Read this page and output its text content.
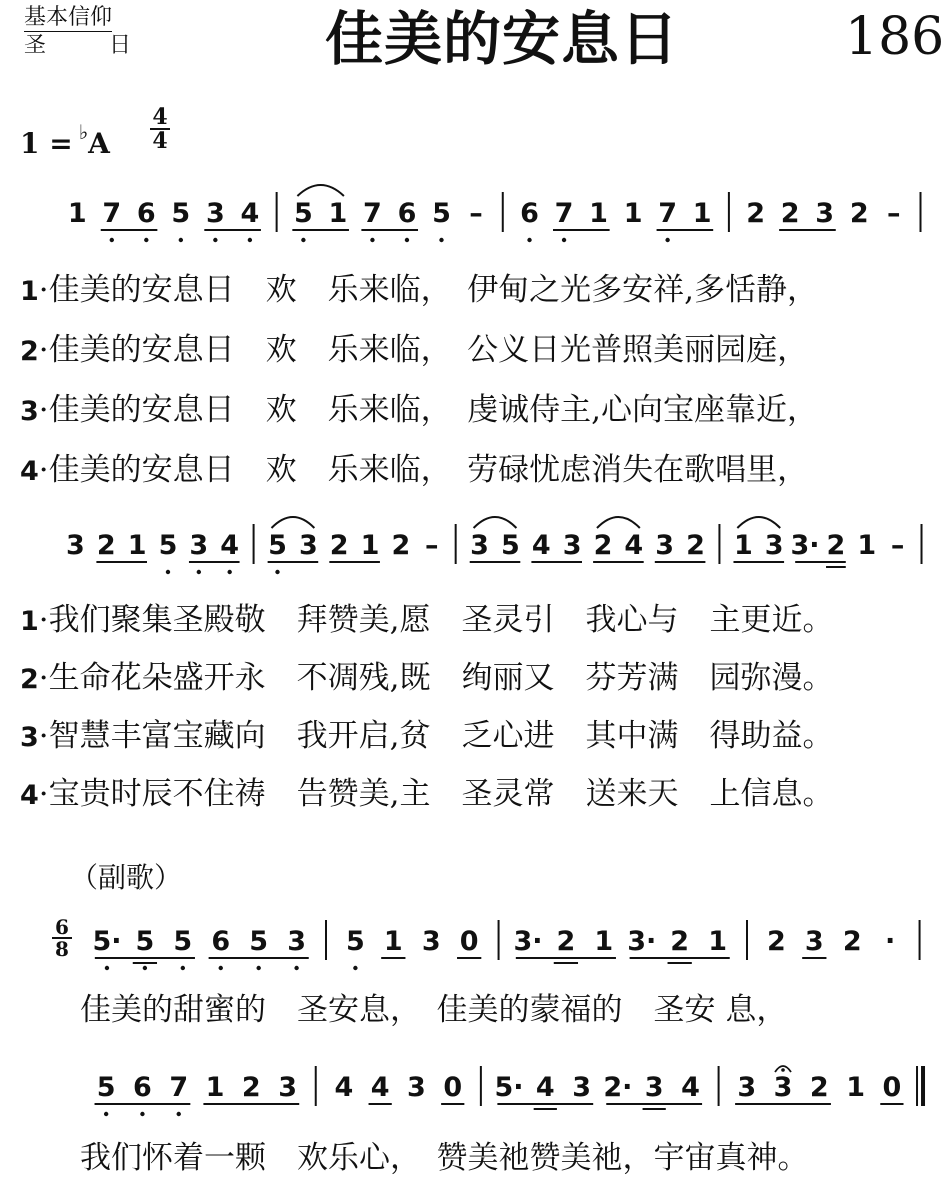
基本信仰
圣 日	佳美的安息日	186
1 = ♭A
4
4
1 7 6 5 3 4 5 1 7 6 5 – 6 7 1 1 7 1 2 2 3 2 –
3 2 1 5 3 4 5 3 2 1 2 – 3 5 4 3 2 4 3 2 1 3 3· 2 1 –
5· 5 5 6 5 3 5 1 3 0 3· 2 1 3· 2 1 2 3 2 ·
5 6 7 1 2 3 4 4 3 0 5· 4 3 2· 3 4 3 3 2 1 0
1·佳美的安息日　欢　乐来临，　伊甸之光多安祥,多恬静，
2·佳美的安息日　欢　乐来临，　公义日光普照美丽园庭，
3·佳美的安息日　欢　乐来临，　虔诚侍主,心向宝座靠近，
4·佳美的安息日　欢　乐来临，　劳碌忧虑消失在歌唱里，
1·我们聚集圣殿敬　拜赞美,愿　圣灵引　我心与　主更近。
2·生命花朵盛开永　不凋残,既　绚丽又　芬芳满　园弥漫。
3·智慧丰富宝藏向　我开启,贫　乏心进　其中满　得助益。
4·宝贵时辰不住祷　告赞美,主　圣灵常　送来天　上信息。
（副歌）
6
8
佳美的甜蜜的　圣安息，　佳美的蒙福的　圣安 息，
我们怀着一颗　欢乐心，　赞美祂赞美祂，宇宙真神。
